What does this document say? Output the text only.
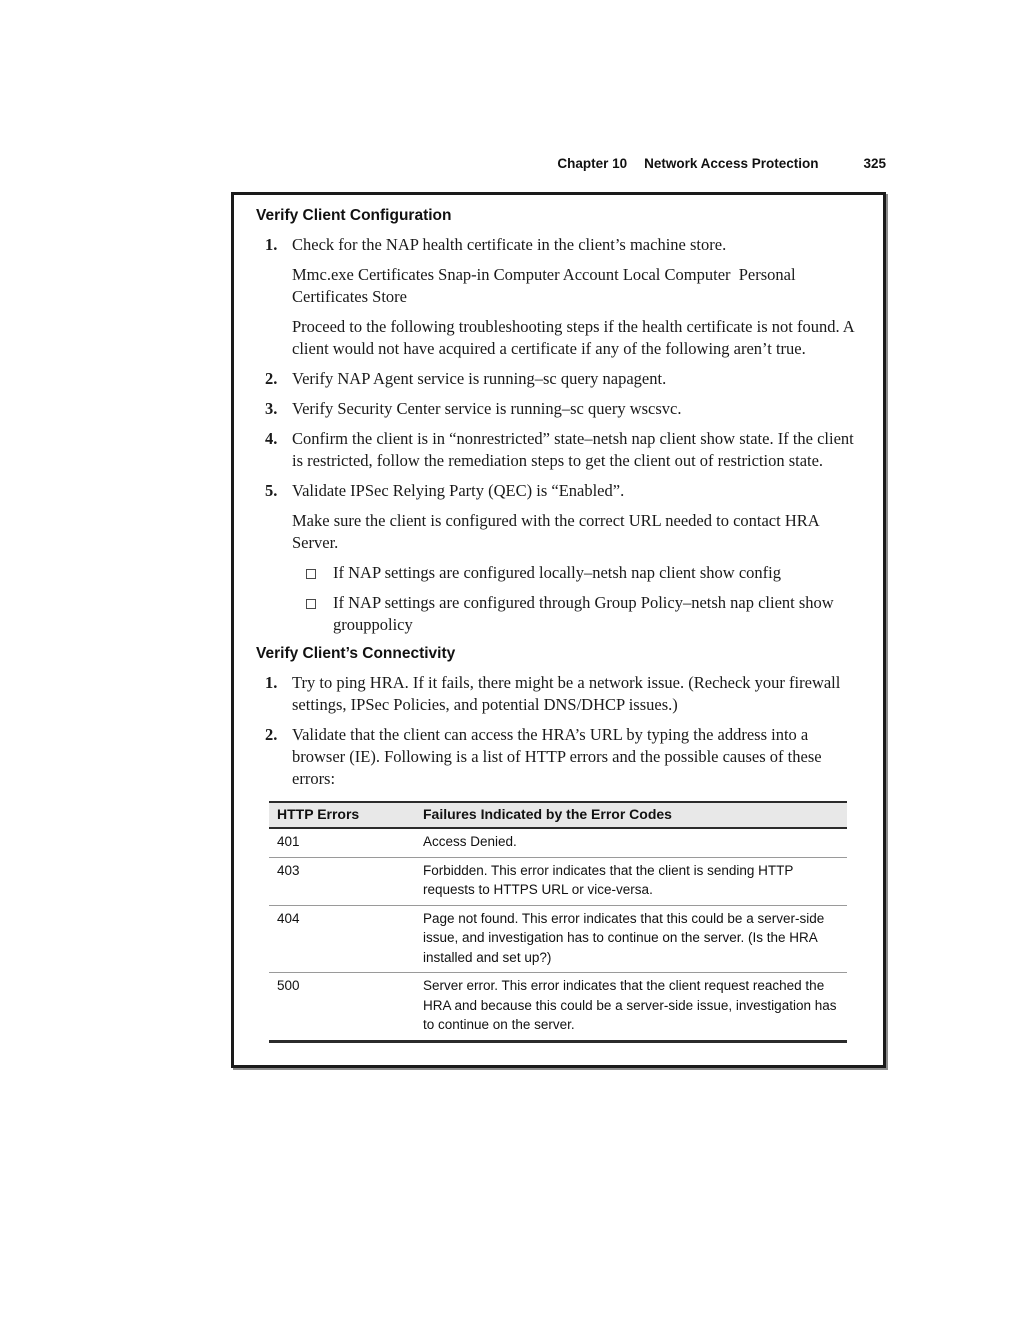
Chapter 10 Network Access Protection	325
Verify Client Configuration
1. Check for the NAP health certificate in the client’s machine store.

Mmc.exe Certificates Snap-in Computer Account Local Computer  Personal Certificates Store

Proceed to the following troubleshooting steps if the health certificate is not found. A client would not have acquired a certificate if any of the following aren’t true.

2. Verify NAP Agent service is running–sc query napagent.

3. Verify Security Center service is running–sc query wscsvc.

4. Confirm the client is in “nonrestricted” state–netsh nap client show state. If the client is restricted, follow the remediation steps to get the client out of restriction state.

5. Validate IPSec Relying Party (QEC) is “Enabled”.

Make sure the client is configured with the correct URL needed to contact HRA Server.

If NAP settings are configured locally–netsh nap client show config

If NAP settings are configured through Group Policy–netsh nap client show grouppolicy

Verify Client’s Connectivity
1. Try to ping HRA. If it fails, there might be a network issue. (Recheck your firewall settings, IPSec Policies, and potential DNS/DHCP issues.)

2. Validate that the client can access the HRA’s URL by typing the address into a browser (IE). Following is a list of HTTP errors and the possible causes of these errors:

HTTP Errors	Failures Indicated by the Error Codes
401	Access Denied.
403	Forbidden. This error indicates that the client is sending HTTP requests to HTTPS URL or vice-versa.
404	Page not found. This error indicates that this could be a server-side issue, and investigation has to continue on the server. (Is the HRA installed and set up?)
500	Server error. This error indicates that the client request reached the HRA and because this could be a server-side issue, investigation has to continue on the server.
